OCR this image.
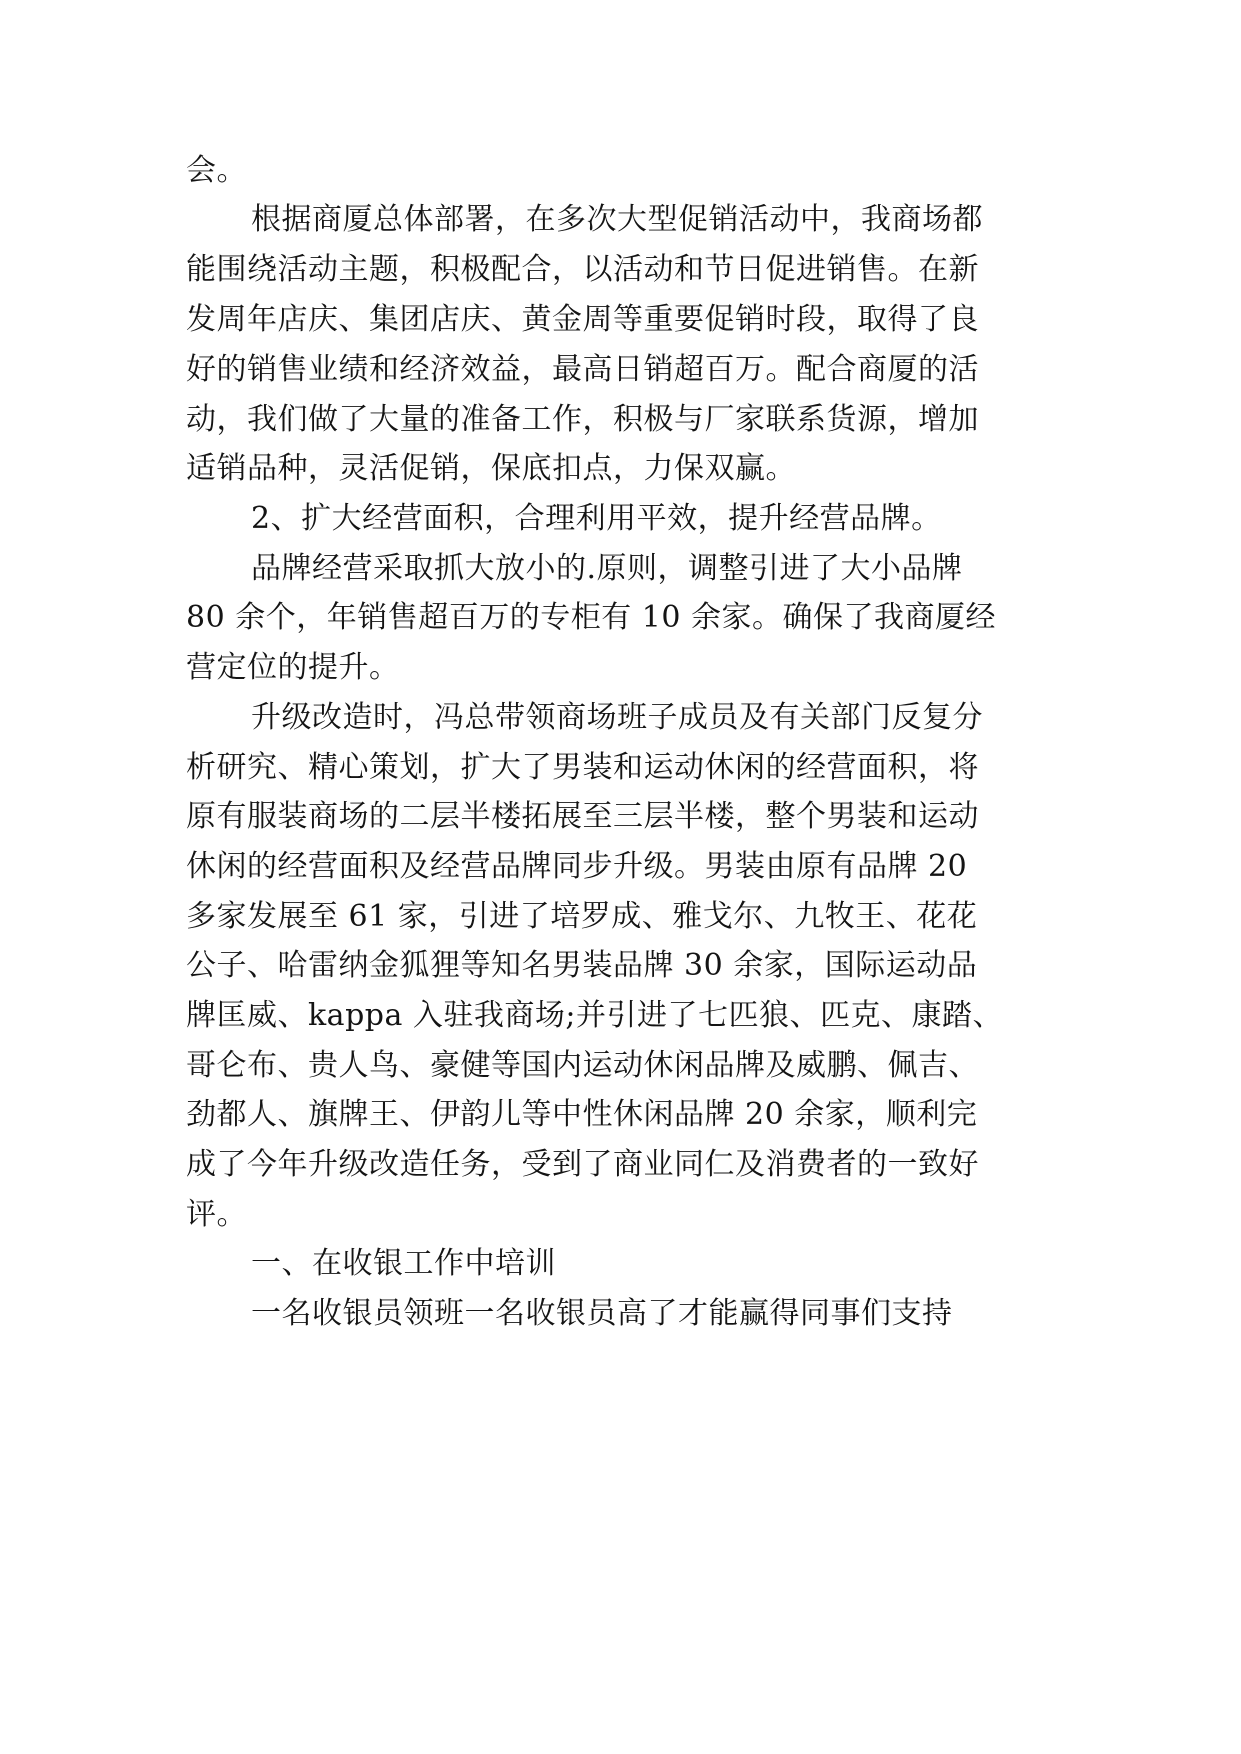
会。
根据商厦总体部署，在多次大型促销活动中，我商场都
能围绕活动主题，积极配合，以活动和节日促进销售。在新
发周年店庆、集团店庆、黄金周等重要促销时段，取得了良
好的销售业绩和经济效益，最高日销超百万。配合商厦的活
动，我们做了大量的准备工作，积极与厂家联系货源，增加
适销品种，灵活促销，保底扣点，力保双赢。
2、扩大经营面积，合理利用平效，提升经营品牌。
品牌经营采取抓大放小的.原则，调整引进了大小品牌
80 余个，年销售超百万的专柜有 10 余家。确保了我商厦经
营定位的提升。
升级改造时，冯总带领商场班子成员及有关部门反复分
析研究、精心策划，扩大了男装和运动休闲的经营面积，将
原有服装商场的二层半楼拓展至三层半楼，整个男装和运动
休闲的经营面积及经营品牌同步升级。男装由原有品牌 20
多家发展至 61 家，引进了培罗成、雅戈尔、九牧王、花花
公子、哈雷纳金狐狸等知名男装品牌 30 余家，国际运动品
牌匡威、kappa 入驻我商场;并引进了七匹狼、匹克、康踏、
哥仑布、贵人鸟、豪健等国内运动休闲品牌及威鹏、佩吉、
劲都人、旗牌王、伊韵儿等中性休闲品牌 20 余家，顺利完
成了今年升级改造任务，受到了商业同仁及消费者的一致好
评。
一、在收银工作中培训
一名收银员领班一名收银员高了才能赢得同事们支持
